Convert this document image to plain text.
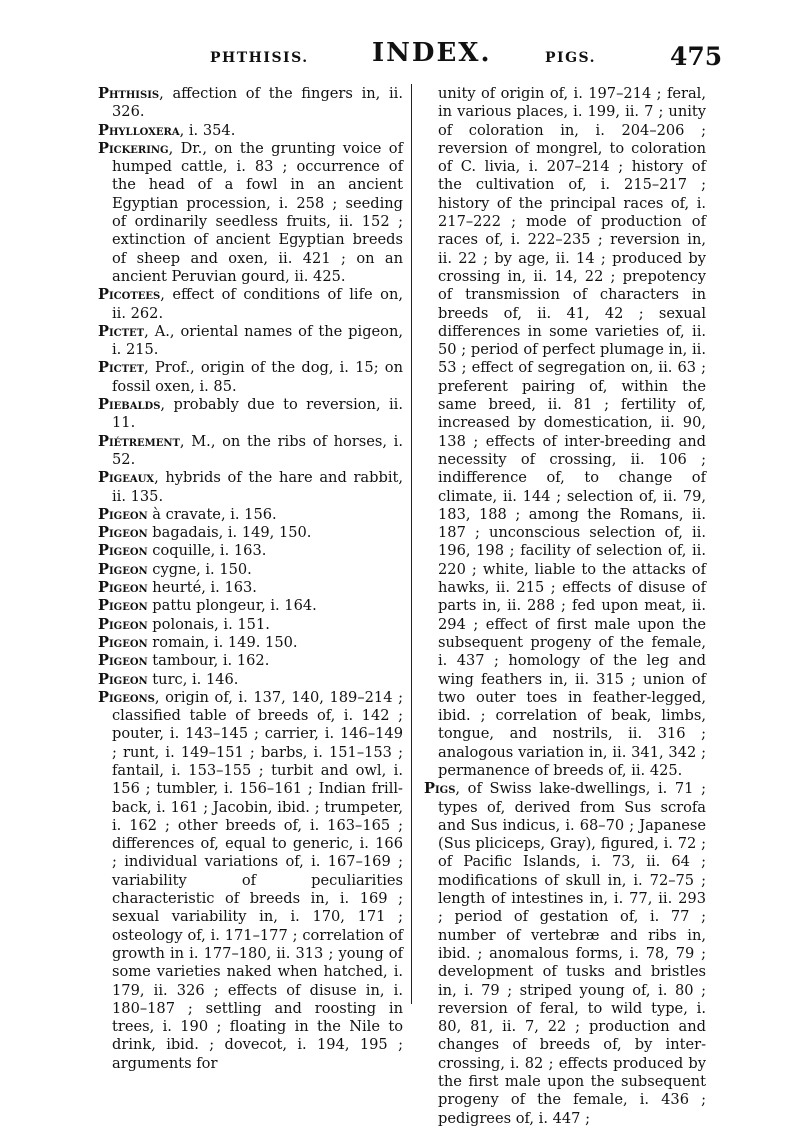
PHTHISIS. INDEX.	PIGS.	475

Phthisis, affection of the fingers in, ii. 326.

Phylloxera, i. 354.

Pickering, Dr., on the grunting voice of humped cattle, i. 83 ; occurrence of the head of a fowl in an ancient Egyptian procession, i. 258 ; seeding of ordinarily seedless fruits, ii. 152 ; extinction of ancient Egyptian breeds of sheep and oxen, ii. 421 ; on an ancient Peruvian gourd, ii. 425.

Picotees, effect of conditions of life on, ii. 262.

Pictet, A., oriental names of the pigeon, i. 215.

Pictet, Prof., origin of the dog, i. 15; on fossil oxen, i. 85.

Piebalds, probably due to reversion, ii. 11.

Piétrement, M., on the ribs of horses, i. 52.

Pigeaux, hybrids of the hare and rabbit, ii. 135.

Pigeon à cravate, i. 156.

Pigeon bagadais, i. 149, 150.

Pigeon coquille, i. 163.

Pigeon cygne, i. 150.

Pigeon heurté, i. 163.

Pigeon pattu plongeur, i. 164.

Pigeon polonais, i. 151.

Pigeon romain, i. 149. 150.

Pigeon tambour, i. 162.

Pigeon turc, i. 146.

Pigeons, origin of, i. 137, 140, 189–214 ; classified table of breeds of, i. 142 ; pouter, i. 143–145 ; carrier, i. 146–149 ; runt, i. 149–151 ; barbs, i. 151–153 ; fantail, i. 153–155 ; turbit and owl, i. 156 ; tumbler, i. 156–161 ; Indian frill-back, i. 161 ; Jacobin, ibid. ; trumpeter, i. 162 ; other breeds of, i. 163–165 ; differences of, equal to generic, i. 166 ; individual variations of, i. 167–169 ; variability of peculiarities characteristic of breeds in, i. 169 ; sexual variability in, i. 170, 171 ; osteology of, i. 171–177 ; correlation of growth in i. 177–180, ii. 313 ; young of some varieties naked when hatched, i. 179, ii. 326 ; effects of disuse in, i. 180–187 ; settling and roosting in trees, i. 190 ; floating in the Nile to drink, ibid. ; dovecot, i. 194, 195 ; arguments for

unity of origin of, i. 197–214 ; feral, in various places, i. 199, ii. 7 ; unity of coloration in, i. 204–206 ; reversion of mongrel, to coloration of C. livia, i. 207–214 ; history of the cultivation of, i. 215–217 ; history of the principal races of, i. 217–222 ; mode of production of races of, i. 222–235 ; reversion in, ii. 22 ; by age, ii. 14 ; produced by crossing in, ii. 14, 22 ; prepotency of transmission of characters in breeds of, ii. 41, 42 ; sexual differences in some varieties of, ii. 50 ; period of perfect plumage in, ii. 53 ; effect of segregation on, ii. 63 ; preferent pairing of, within the same breed, ii. 81 ; fertility of, increased by domestication, ii. 90, 138 ; effects of inter-breeding and necessity of crossing, ii. 106 ; indifference of, to change of climate, ii. 144 ; selection of, ii. 79, 183, 188 ; among the Romans, ii. 187 ; unconscious selection of, ii. 196, 198 ; facility of selection of, ii. 220 ; white, liable to the attacks of hawks, ii. 215 ; effects of disuse of parts in, ii. 288 ; fed upon meat, ii. 294 ; effect of first male upon the subsequent progeny of the female, i. 437 ; homology of the leg and wing feathers in, ii. 315 ; union of two outer toes in feather-legged, ibid. ; correlation of beak, limbs, tongue, and nostrils, ii. 316 ; analogous variation in, ii. 341, 342 ; permanence of breeds of, ii. 425.

Pigs, of Swiss lake-dwellings, i. 71 ; types of, derived from Sus scrofa and Sus indicus, i. 68–70 ; Japanese (Sus pliciceps, Gray), figured, i. 72 ; of Pacific Islands, i. 73, ii. 64 ; modifications of skull in, i. 72–75 ; length of intestines in, i. 77, ii. 293 ; period of gestation of, i. 77 ; number of vertebræ and ribs in, ibid. ; anomalous forms, i. 78, 79 ; development of tusks and bristles in, i. 79 ; striped young of, i. 80 ; reversion of feral, to wild type, i. 80, 81, ii. 7, 22 ; production and changes of breeds of, by inter-crossing, i. 82 ; effects produced by the first male upon the subsequent progeny of the female, i. 436 ; pedigrees of, i. 447 ;
